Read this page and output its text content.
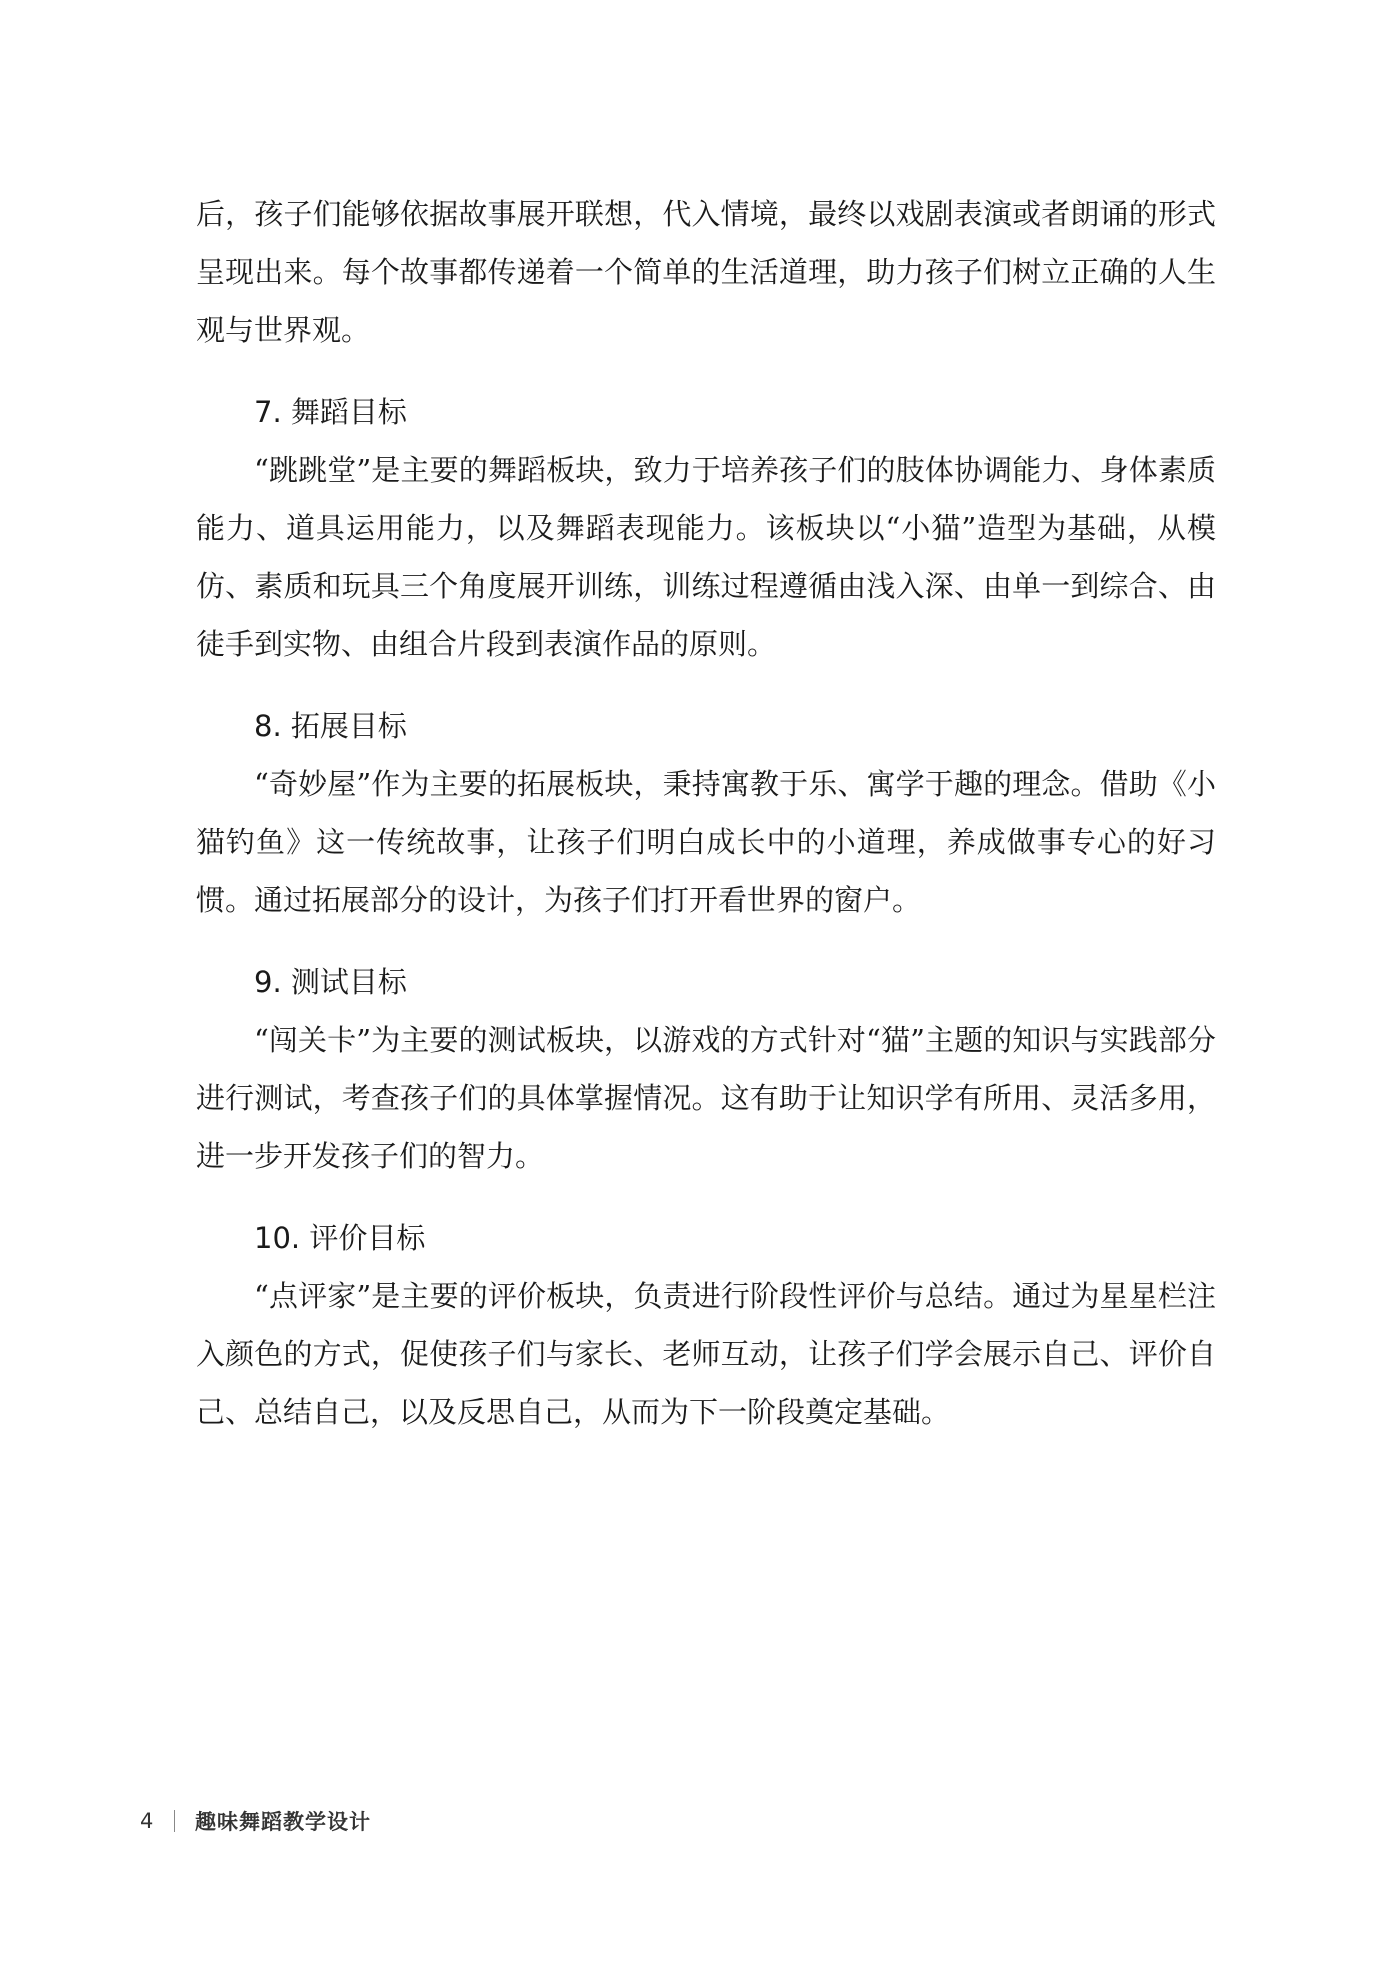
后，孩子们能够依据故事展开联想，代入情境，最终以戏剧表演或者朗诵的形式呈现出来。每个故事都传递着一个简单的生活道理，助力孩子们树立正确的人生观与世界观。

7. 舞蹈目标

“跳跳堂”是主要的舞蹈板块，致力于培养孩子们的肢体协调能力、身体素质能力、道具运用能力，以及舞蹈表现能力。该板块以“小猫”造型为基础，从模仿、素质和玩具三个角度展开训练，训练过程遵循由浅入深、由单一到综合、由徒手到实物、由组合片段到表演作品的原则。

8. 拓展目标

“奇妙屋”作为主要的拓展板块，秉持寓教于乐、寓学于趣的理念。借助《小猫钓鱼》这一传统故事，让孩子们明白成长中的小道理，养成做事专心的好习惯。通过拓展部分的设计，为孩子们打开看世界的窗户。

9. 测试目标

“闯关卡”为主要的测试板块，以游戏的方式针对“猫”主题的知识与实践部分进行测试，考查孩子们的具体掌握情况。这有助于让知识学有所用、灵活多用，进一步开发孩子们的智力。

10. 评价目标

“点评家”是主要的评价板块，负责进行阶段性评价与总结。通过为星星栏注入颜色的方式，促使孩子们与家长、老师互动，让孩子们学会展示自己、评价自己、总结自己，以及反思自己，从而为下一阶段奠定基础。

4	趣味舞蹈教学设计
